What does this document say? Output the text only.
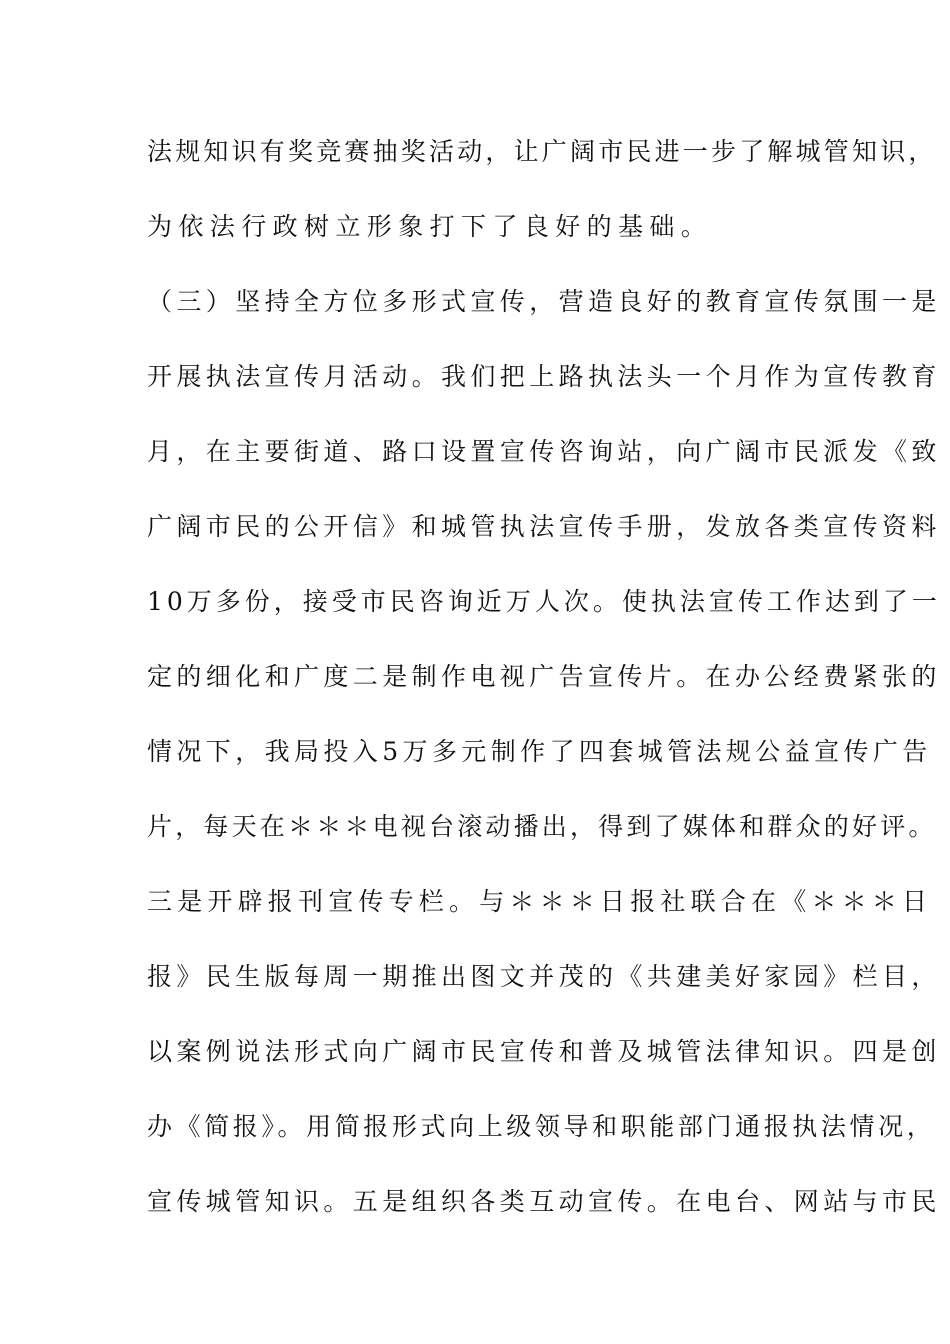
法规知识有奖竞赛抽奖活动，让广阔市民进一步了解城管知识，
为依法行政树立形象打下了良好的基础。
（三）坚持全方位多形式宣传，营造良好的教育宣传氛围一是
开展执法宣传月活动。我们把上路执法头一个月作为宣传教育
月，在主要街道、路口设置宣传咨询站，向广阔市民派发《致
广阔市民的公开信》和城管执法宣传手册，发放各类宣传资料
10万多份，接受市民咨询近万人次。使执法宣传工作达到了一
定的细化和广度二是制作电视广告宣传片。在办公经费紧张的
情况下，我局投入5万多元制作了四套城管法规公益宣传广告
片，每天在＊＊＊电视台滚动播出，得到了媒体和群众的好评。
三是开辟报刊宣传专栏。与＊＊＊日报社联合在《＊＊＊日
报》民生版每周一期推出图文并茂的《共建美好家园》栏目，
以案例说法形式向广阔市民宣传和普及城管法律知识。四是创
办《简报》。用简报形式向上级领导和职能部门通报执法情况，
宣传城管知识。五是组织各类互动宣传。在电台、网站与市民
